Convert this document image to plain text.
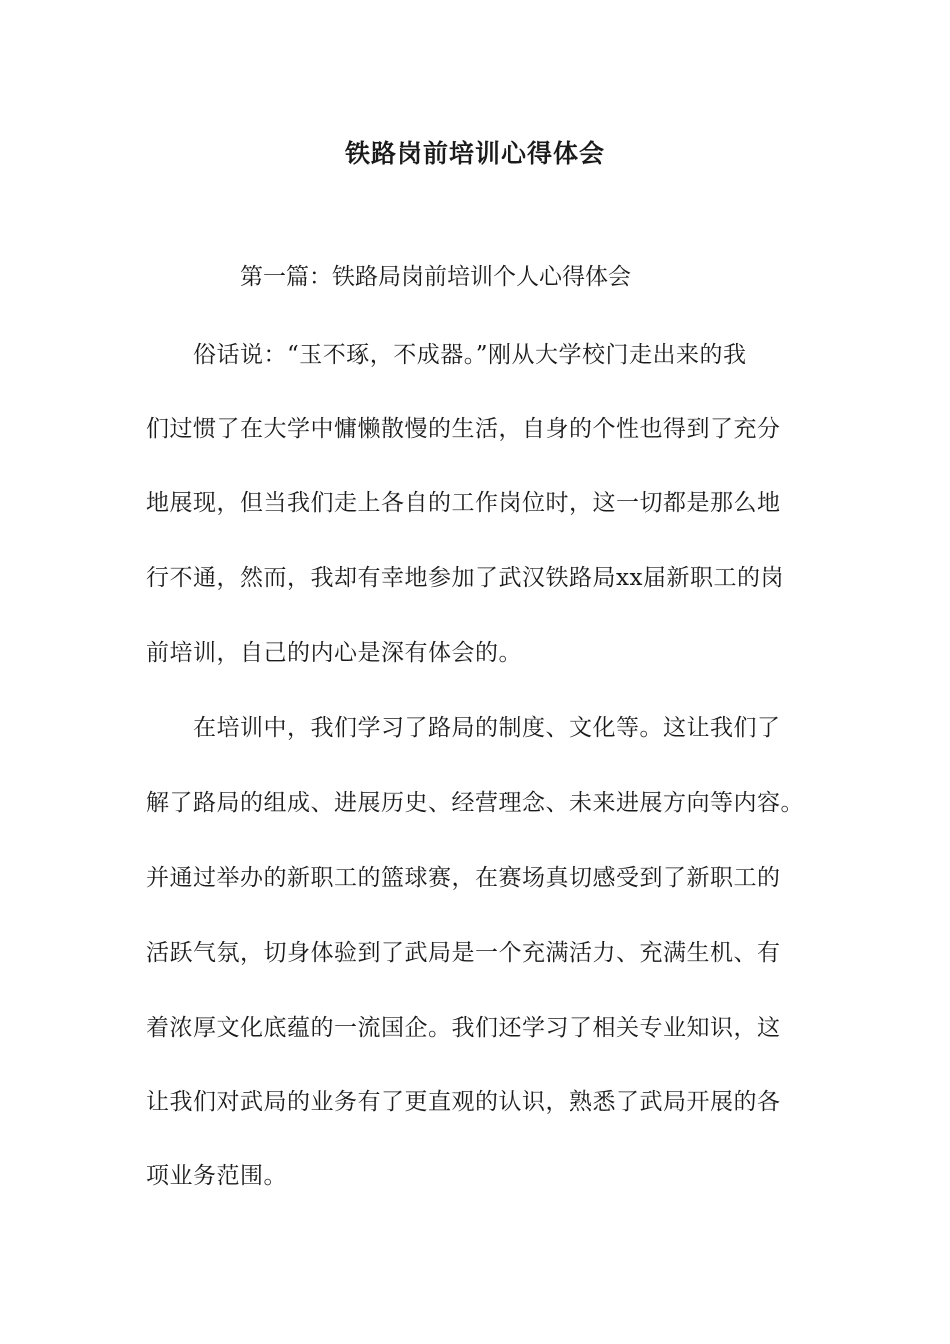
铁路岗前培训心得体会
第一篇：铁路局岗前培训个人心得体会
俗话说：“玉不琢，不成器。”刚从大学校门走出来的我
们过惯了在大学中慵懒散慢的生活，自身的个性也得到了充分
地展现，但当我们走上各自的工作岗位时，这一切都是那么地
行不通，然而，我却有幸地参加了武汉铁路局xx届新职工的岗
前培训，自己的内心是深有体会的。
在培训中，我们学习了路局的制度、文化等。这让我们了
解了路局的组成、进展历史、经营理念、未来进展方向等内容。
并通过举办的新职工的篮球赛，在赛场真切感受到了新职工的
活跃气氛，切身体验到了武局是一个充满活力、充满生机、有
着浓厚文化底蕴的一流国企。我们还学习了相关专业知识，这
让我们对武局的业务有了更直观的认识，熟悉了武局开展的各
项业务范围。
